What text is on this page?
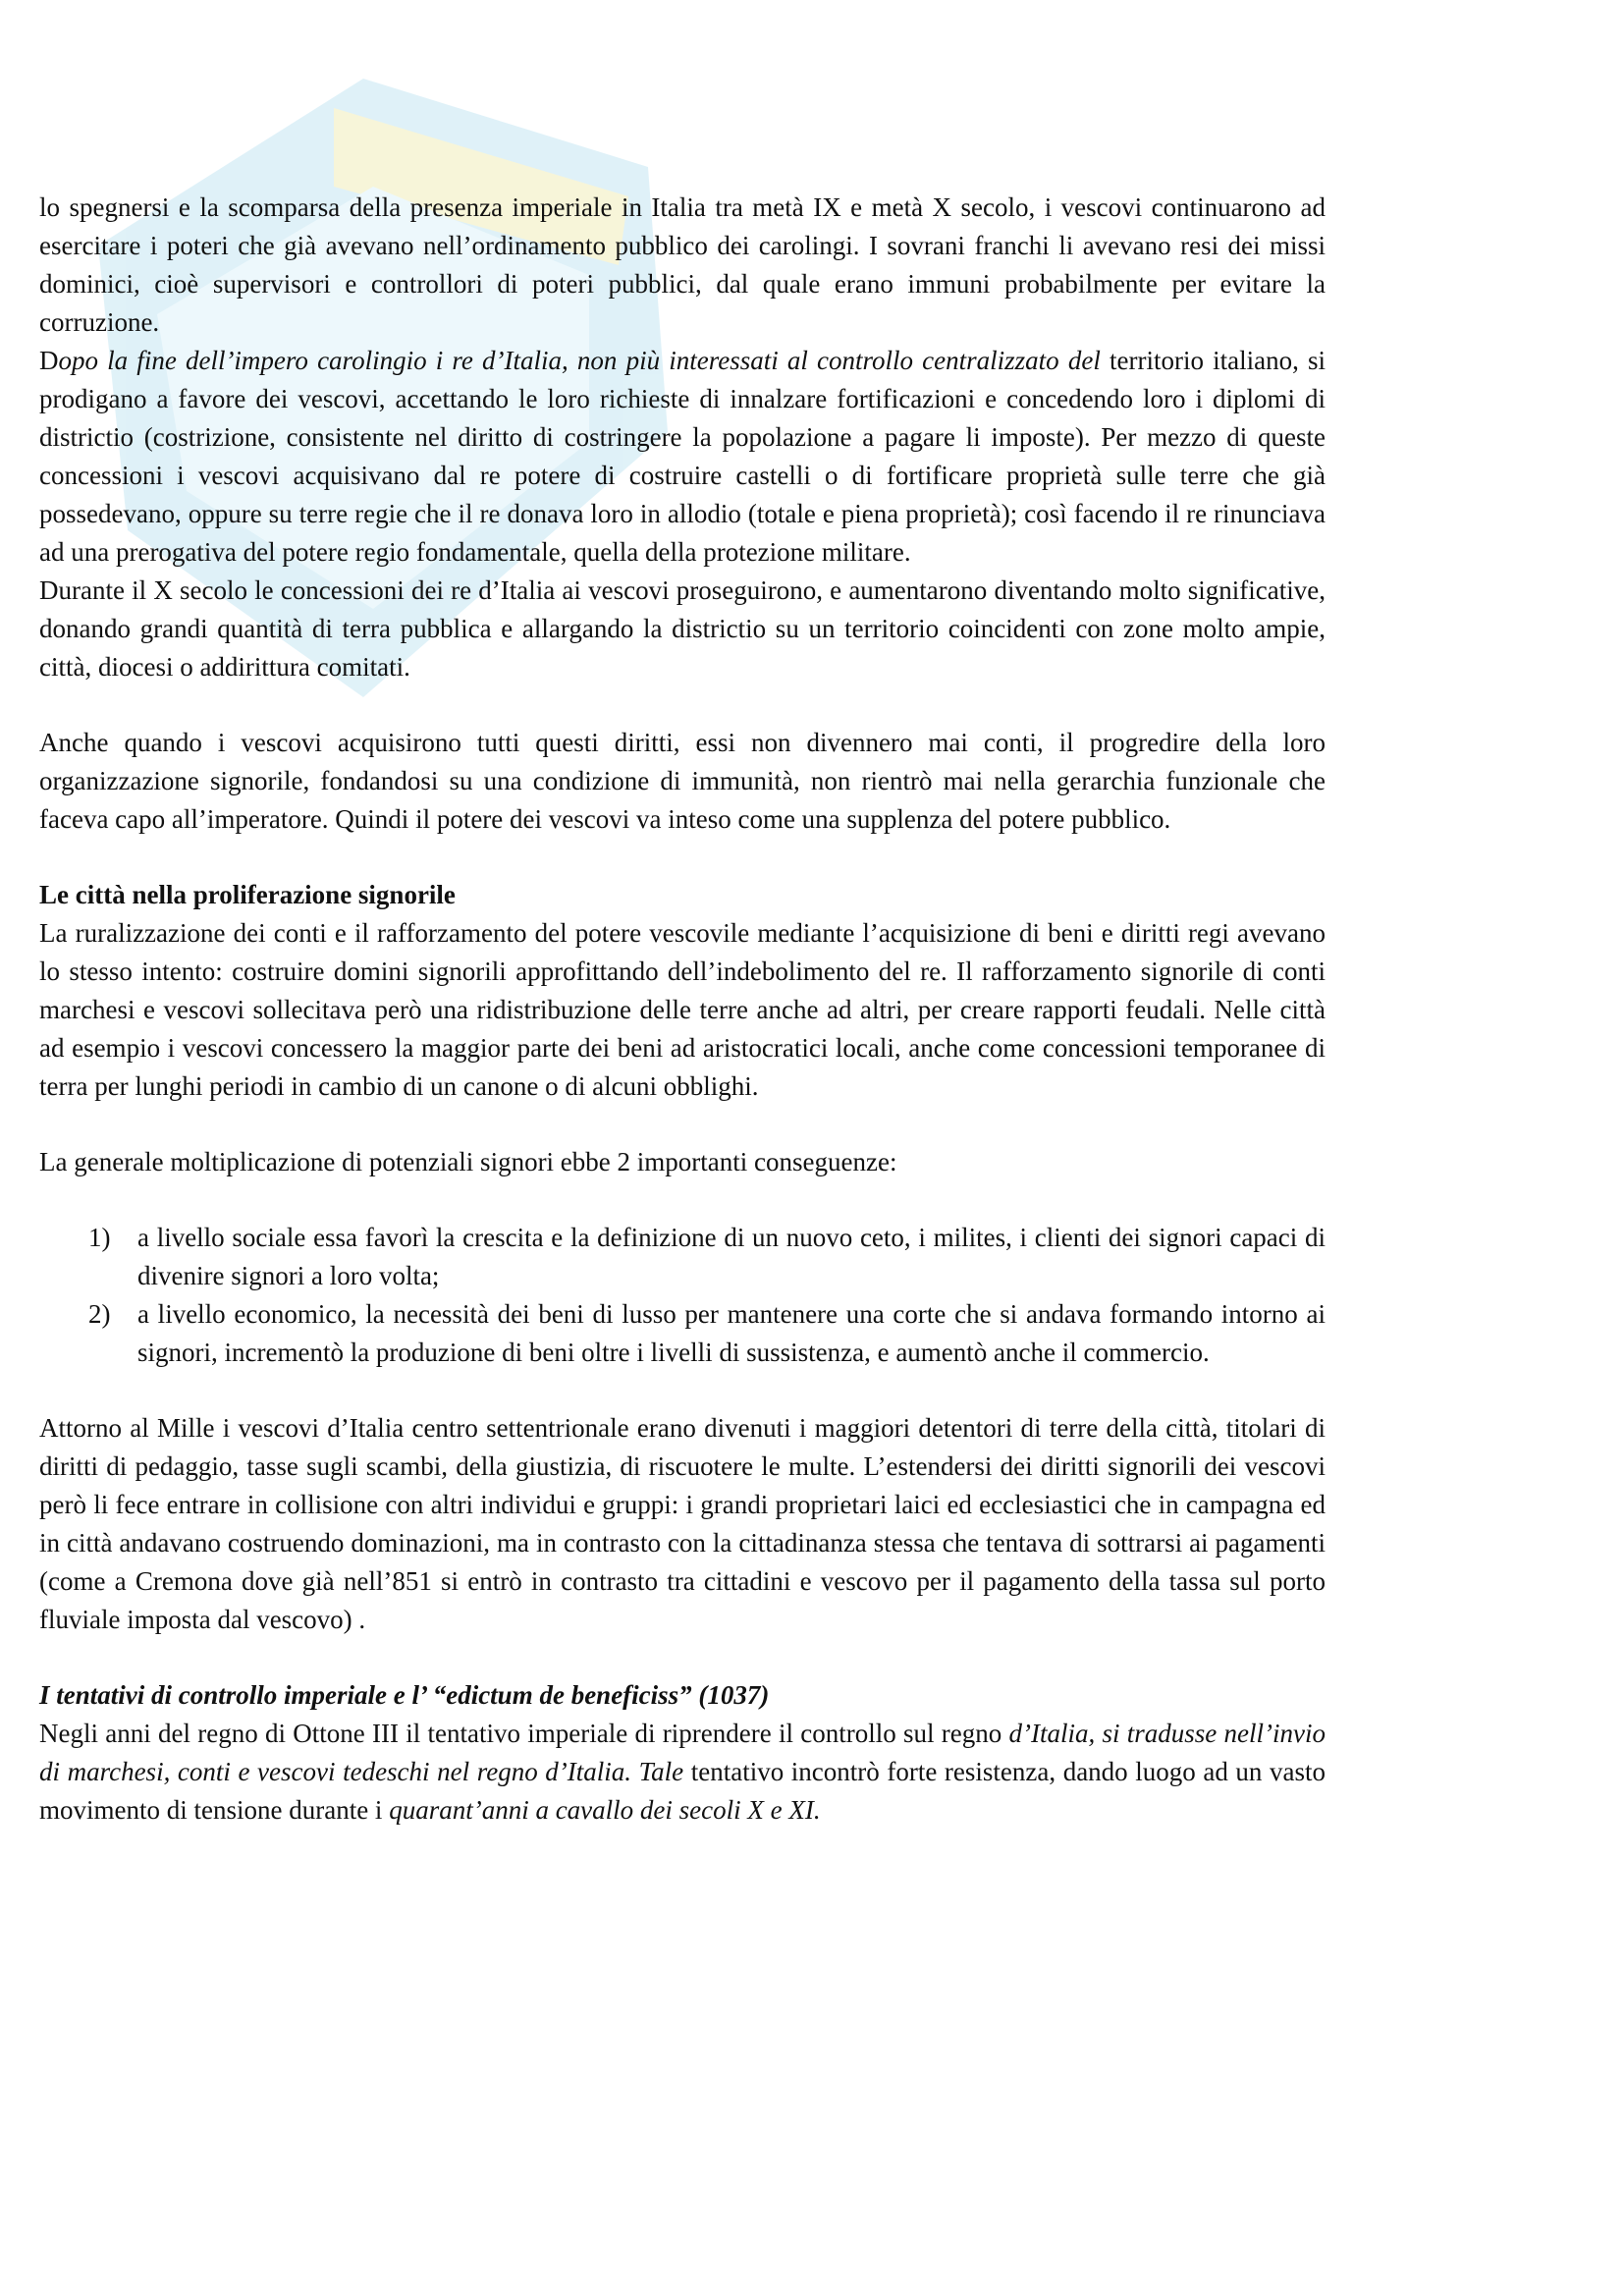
lo spegnersi e la scomparsa della presenza imperiale in Italia tra metà IX e metà X secolo, i vescovi continuarono ad esercitare i poteri che già avevano nell’ordinamento pubblico dei carolingi. I sovrani franchi li avevano resi dei missi dominici, cioè supervisori e controllori di poteri pubblici, dal quale erano immuni probabilmente per evitare la corruzione.

Dopo la fine dell’impero carolingio i re d’Italia, non più interessati al controllo centralizzato del territorio italiano, si prodigano a favore dei vescovi, accettando le loro richieste di innalzare fortificazioni e concedendo loro i diplomi di districtio (costrizione, consistente nel diritto di costringere la popolazione a pagare li imposte). Per mezzo di queste concessioni i vescovi acquisivano dal re potere di costruire castelli o di fortificare proprietà sulle terre che già possedevano, oppure su terre regie che il re donava loro in allodio (totale e piena proprietà); così facendo il re rinunciava ad una prerogativa del potere regio fondamentale, quella della protezione militare.

Durante il X secolo le concessioni dei re d’Italia ai vescovi proseguirono, e aumentarono diventando molto significative, donando grandi quantità di terra pubblica e allargando la districtio su un territorio coincidenti con zone molto ampie, città, diocesi o addirittura comitati.

Anche quando i vescovi acquisirono tutti questi diritti, essi non divennero mai conti, il progredire della loro organizzazione signorile, fondandosi su una condizione di immunità, non rientrò mai nella gerarchia funzionale che faceva capo all’imperatore. Quindi il potere dei vescovi va inteso come una supplenza del potere pubblico.

Le città nella proliferazione signorile

La ruralizzazione dei conti e il rafforzamento del potere vescovile mediante l’acquisizione di beni e diritti regi avevano lo stesso intento: costruire domini signorili approfittando dell’indebolimento del re. Il rafforzamento signorile di conti marchesi e vescovi sollecitava però una ridistribuzione delle terre anche ad altri, per creare rapporti feudali. Nelle città ad esempio i vescovi concessero la maggior parte dei beni ad aristocratici locali, anche come concessioni temporanee di terra per lunghi periodi in cambio di un canone o di alcuni obblighi.

La generale moltiplicazione di potenziali signori ebbe 2 importanti conseguenze:

1) a livello sociale essa favorì la crescita e la definizione di un nuovo ceto, i milites, i clienti dei signori capaci di divenire signori a loro volta;
2) a livello economico, la necessità dei beni di lusso per mantenere una corte che si andava formando intorno ai signori, incrementò la produzione di beni oltre i livelli di sussistenza, e aumentò anche il commercio.

Attorno al Mille i vescovi d’Italia centro settentrionale erano divenuti i maggiori detentori di terre della città, titolari di diritti di pedaggio, tasse sugli scambi, della giustizia, di riscuotere le multe. L’estendersi dei diritti signorili dei vescovi però li fece entrare in collisione con altri individui e gruppi: i grandi proprietari laici ed ecclesiastici che in campagna ed in città andavano costruendo dominazioni, ma in contrasto con la cittadinanza stessa che tentava di sottrarsi ai pagamenti (come a Cremona dove già nell’851 si entrò in contrasto tra cittadini e vescovo per il pagamento della tassa sul porto fluviale imposta dal vescovo) .

I tentativi di controllo imperiale e l’ “edictum de beneficiss” (1037)

Negli anni del regno di Ottone III il tentativo imperiale di riprendere il controllo sul regno d’Italia, si tradusse nell’invio di marchesi, conti e vescovi tedeschi nel regno d’Italia. Tale tentativo incontrò forte resistenza, dando luogo ad un vasto movimento di tensione durante i quarant’anni a cavallo dei secoli X e XI.
